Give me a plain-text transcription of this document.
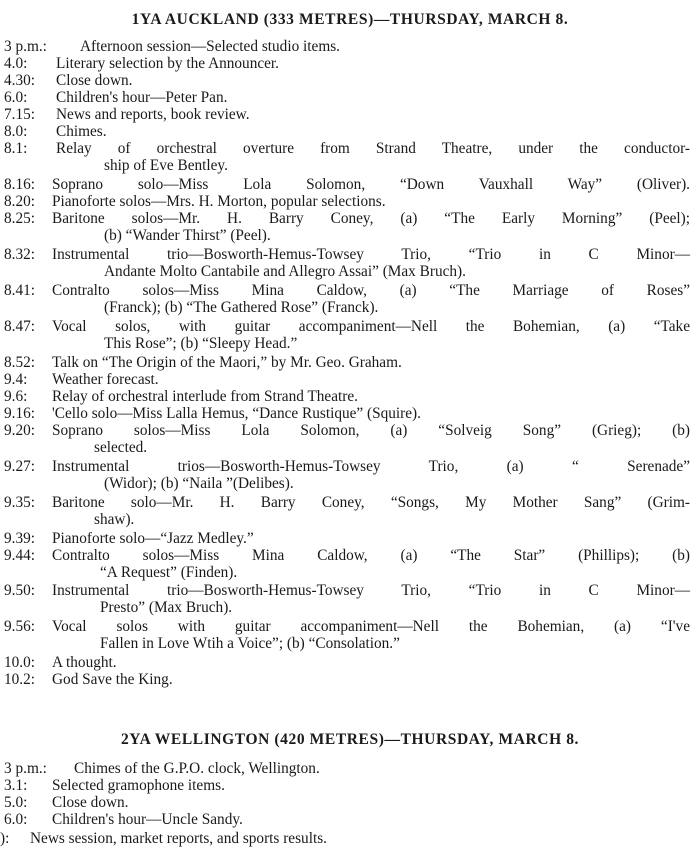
1YA AUCKLAND (333 METRES)—THURSDAY, MARCH 8.
3 p.m.: Afternoon session—Selected studio items.
4.0: Literary selection by the Announcer.
4.30: Close down.
6.0: Children's hour—Peter Pan.
7.15: News and reports, book review.
8.0: Chimes.
8.1: Relay of orchestral overture from Strand Theatre, under the conductor-
ship of Eve Bentley.
8.16: Soprano solo—Miss Lola Solomon, “Down Vauxhall Way” (Oliver).
8.20: Pianoforte solos—Mrs. H. Morton, popular selections.
8.25: Baritone solos—Mr. H. Barry Coney, (a) “The Early Morning” (Peel);
(b) “Wander Thirst” (Peel).
8.32: Instrumental trio—Bosworth-Hemus-Towsey Trio, “Trio in C Minor—
Andante Molto Cantabile and Allegro Assai” (Max Bruch).
8.41: Contralto solos—Miss Mina Caldow, (a) “The Marriage of Roses”
(Franck); (b) “The Gathered Rose” (Franck).
8.47: Vocal solos, with guitar accompaniment—Nell the Bohemian, (a) “Take
This Rose”; (b) “Sleepy Head.”
8.52: Talk on “The Origin of the Maori,” by Mr. Geo. Graham.
9.4: Weather forecast.
9.6: Relay of orchestral interlude from Strand Theatre.
9.16: 'Cello solo—Miss Lalla Hemus, “Dance Rustique” (Squire).
9.20: Soprano solos—Miss Lola Solomon, (a) “Solveig Song” (Grieg); (b)
selected.
9.27: Instrumental trios—Bosworth-Hemus-Towsey Trio, (a) “ Serenade”
(Widor); (b) “Naila ”(Delibes).
9.35: Baritone solo—Mr. H. Barry Coney, “Songs, My Mother Sang” (Grim-
shaw).
9.39: Pianoforte solo—“Jazz Medley.”
9.44: Contralto solos—Miss Mina Caldow, (a) “The Star” (Phillips); (b)
“A Request” (Finden).
9.50: Instrumental trio—Bosworth-Hemus-Towsey Trio, “Trio in C Minor—
Presto” (Max Bruch).
9.56: Vocal solos with guitar accompaniment—Nell the Bohemian, (a) “I've
Fallen in Love Wtih a Voice”; (b) “Consolation.”
10.0: A thought.
10.2: God Save the King.
2YA WELLINGTON (420 METRES)—THURSDAY, MARCH 8.
3 p.m.: Chimes of the G.P.O. clock, Wellington.
3.1: Selected gramophone items.
5.0: Close down.
6.0: Children's hour—Uncle Sandy.
): News session, market reports, and sports results.
